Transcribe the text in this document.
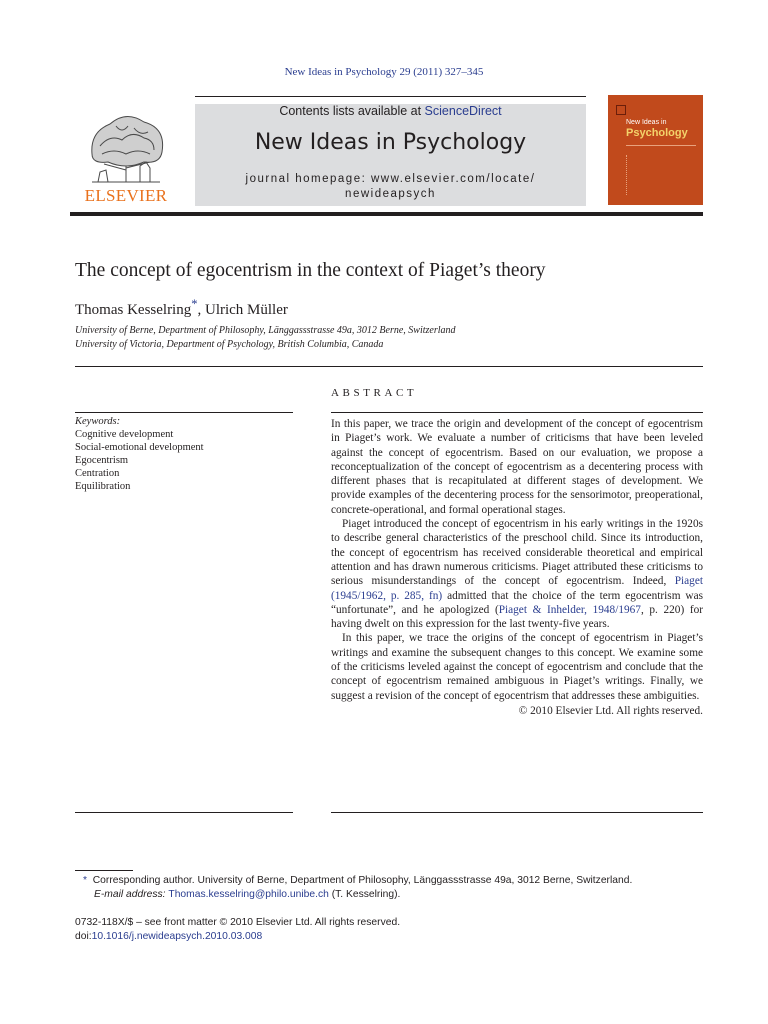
New Ideas in Psychology 29 (2011) 327–345
ELSEVIER
Contents lists available at ScienceDirect
New Ideas in Psychology
journal homepage: www.elsevier.com/locate/
newideapsych
New Ideas in
Psychology
The concept of egocentrism in the context of Piaget’s theory
Thomas Kesselring*, Ulrich Müller
University of Berne, Department of Philosophy, Länggassstrasse 49a, 3012 Berne, Switzerland
University of Victoria, Department of Psychology, British Columbia, Canada
ABSTRACT
Keywords:
Cognitive development
Social-emotional development
Egocentrism
Centration
Equilibration

In this paper, we trace the origin and development of the concept of egocentrism in Piaget’s work. We evaluate a number of criticisms that have been leveled against the concept of egocentrism. Based on our evaluation, we propose a reconceptualization of the concept of egocentrism as a decentering process with different phases that is recapitulated at different stages of development. We provide examples of the decentering process for the sensorimotor, preoperational, concrete-operational, and formal operational stages.

Piaget introduced the concept of egocentrism in his early writings in the 1920s to describe general characteristics of the preschool child. Since its introduction, the concept of egocentrism has received considerable theoretical and empirical attention and has drawn numerous criticisms. Piaget attributed these criticisms to serious misunderstandings of the concept of egocentrism. Indeed, Piaget (1945/1962, p. 285, fn) admitted that the choice of the term egocentrism was “unfortunate”, and he apologized (Piaget & Inhelder, 1948/1967, p. 220) for having dwelt on this expression for the last twenty-five years.

In this paper, we trace the origins of the concept of egocentrism in Piaget’s writings and examine the subsequent changes to this concept. We examine some of the criticisms leveled against the concept of egocentrism and conclude that the concept of egocentrism remained ambiguous in Piaget’s writings. Finally, we suggest a revision of the concept of egocentrism that addresses these ambiguities.

© 2010 Elsevier Ltd. All rights reserved.

* Corresponding author. University of Berne, Department of Philosophy, Länggassstrasse 49a, 3012 Berne, Switzerland.
E-mail address: Thomas.kesselring@philo.unibe.ch (T. Kesselring).
0732-118X/$ – see front matter © 2010 Elsevier Ltd. All rights reserved.
doi:10.1016/j.newideapsych.2010.03.008
